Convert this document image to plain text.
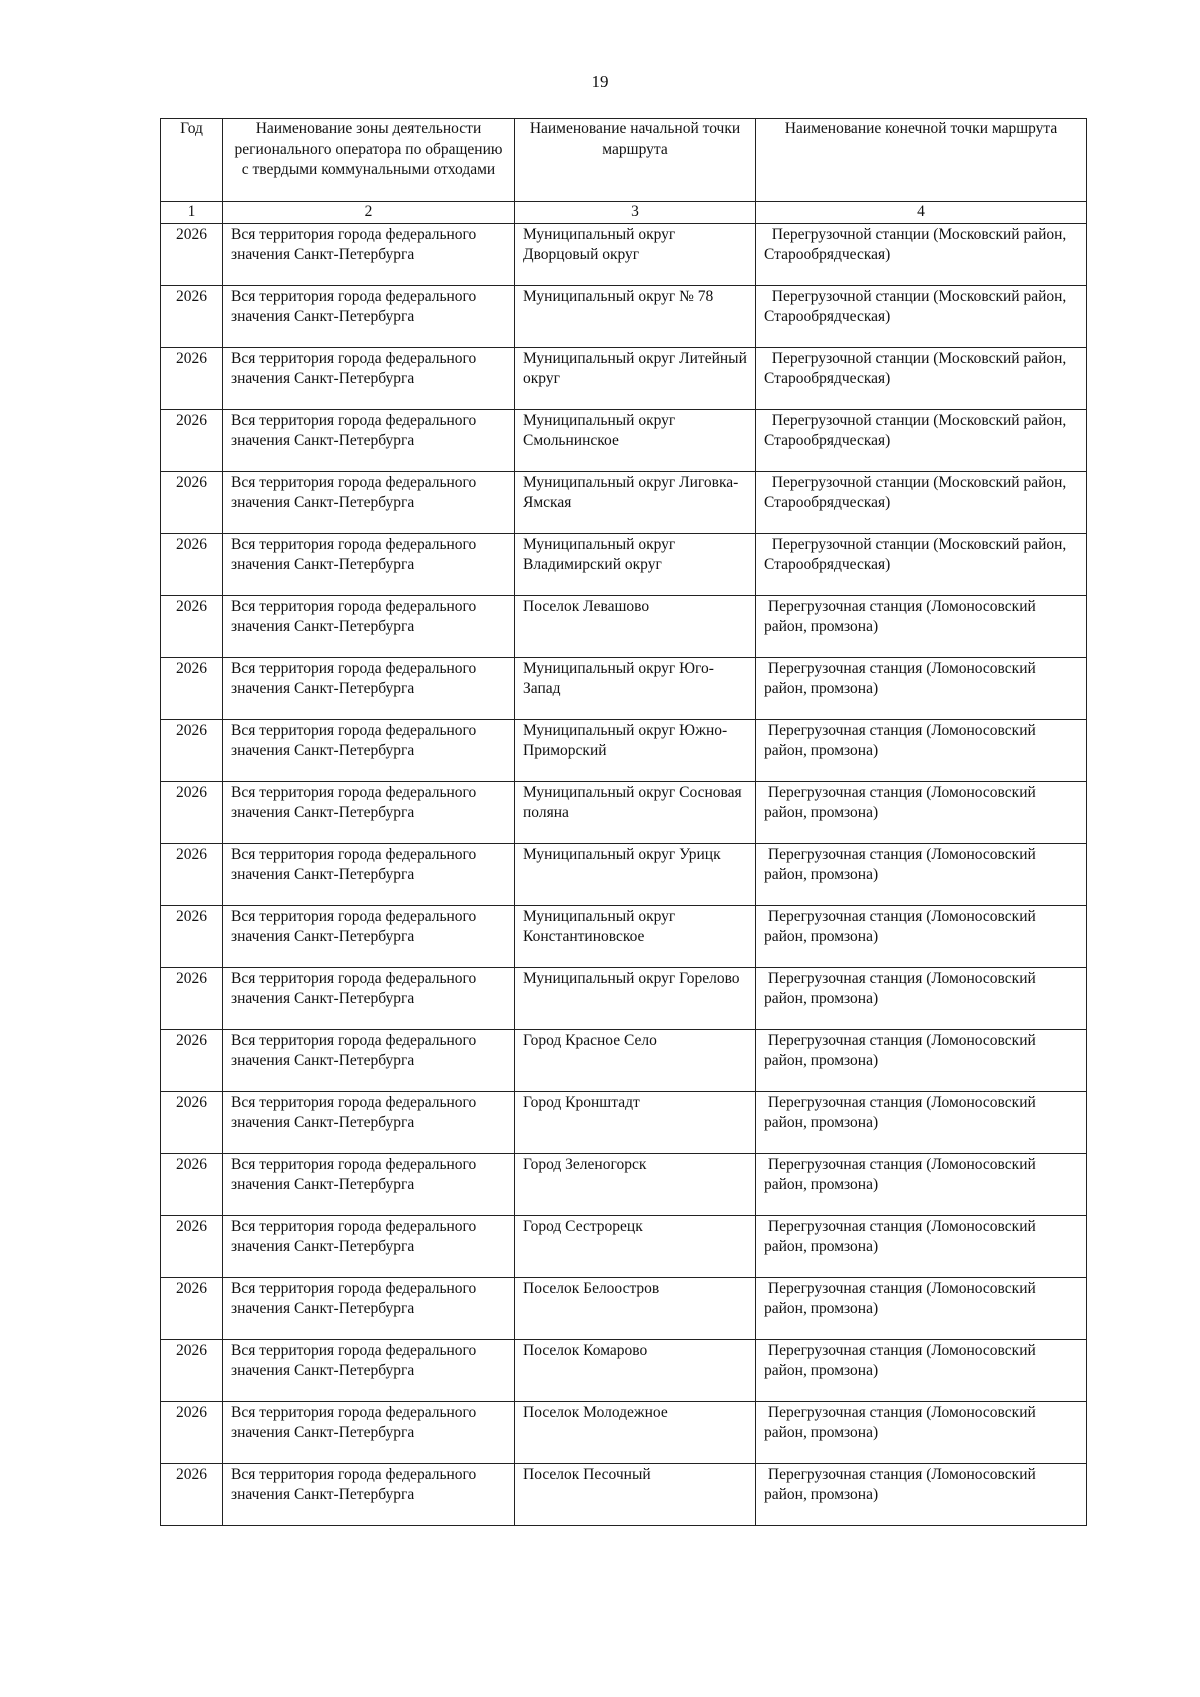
19
Год	Наименование зоны деятельности регионального оператора по обращению с твердыми коммунальными отходами	Наименование начальной точки маршрута	Наименование конечной точки маршрута
1	2	3	4
2026	Вся территория города федерального значения Санкт-Петербурга	Муниципальный округ Дворцовый округ	Перегрузочной станции (Московский район, Старообрядческая)
2026	Вся территория города федерального значения Санкт-Петербурга	Муниципальный округ № 78	Перегрузочной станции (Московский район, Старообрядческая)
2026	Вся территория города федерального значения Санкт-Петербурга	Муниципальный округ Литейный округ	Перегрузочной станции (Московский район, Старообрядческая)
2026	Вся территория города федерального значения Санкт-Петербурга	Муниципальный округ Смольнинское	Перегрузочной станции (Московский район, Старообрядческая)
2026	Вся территория города федерального значения Санкт-Петербурга	Муниципальный округ Лиговка-Ямская	Перегрузочной станции (Московский район, Старообрядческая)
2026	Вся территория города федерального значения Санкт-Петербурга	Муниципальный округ Владимирский округ	Перегрузочной станции (Московский район, Старообрядческая)
2026	Вся территория города федерального значения Санкт-Петербурга	Поселок Левашово	Перегрузочная станция (Ломоносовский район, промзона)
2026	Вся территория города федерального значения Санкт-Петербурга	Муниципальный округ Юго-Запад	Перегрузочная станция (Ломоносовский район, промзона)
2026	Вся территория города федерального значения Санкт-Петербурга	Муниципальный округ Южно-Приморский	Перегрузочная станция (Ломоносовский район, промзона)
2026	Вся территория города федерального значения Санкт-Петербурга	Муниципальный округ Сосновая поляна	Перегрузочная станция (Ломоносовский район, промзона)
2026	Вся территория города федерального значения Санкт-Петербурга	Муниципальный округ Урицк	Перегрузочная станция (Ломоносовский район, промзона)
2026	Вся территория города федерального значения Санкт-Петербурга	Муниципальный округ Константиновское	Перегрузочная станция (Ломоносовский район, промзона)
2026	Вся территория города федерального значения Санкт-Петербурга	Муниципальный округ Горелово	Перегрузочная станция (Ломоносовский район, промзона)
2026	Вся территория города федерального значения Санкт-Петербурга	Город Красное Село	Перегрузочная станция (Ломоносовский район, промзона)
2026	Вся территория города федерального значения Санкт-Петербурга	Город Кронштадт	Перегрузочная станция (Ломоносовский район, промзона)
2026	Вся территория города федерального значения Санкт-Петербурга	Город Зеленогорск	Перегрузочная станция (Ломоносовский район, промзона)
2026	Вся территория города федерального значения Санкт-Петербурга	Город Сестрорецк	Перегрузочная станция (Ломоносовский район, промзона)
2026	Вся территория города федерального значения Санкт-Петербурга	Поселок Белоостров	Перегрузочная станция (Ломоносовский район, промзона)
2026	Вся территория города федерального значения Санкт-Петербурга	Поселок Комарово	Перегрузочная станция (Ломоносовский район, промзона)
2026	Вся территория города федерального значения Санкт-Петербурга	Поселок Молодежное	Перегрузочная станция (Ломоносовский район, промзона)
2026	Вся территория города федерального значения Санкт-Петербурга	Поселок Песочный	Перегрузочная станция (Ломоносовский район, промзона)
